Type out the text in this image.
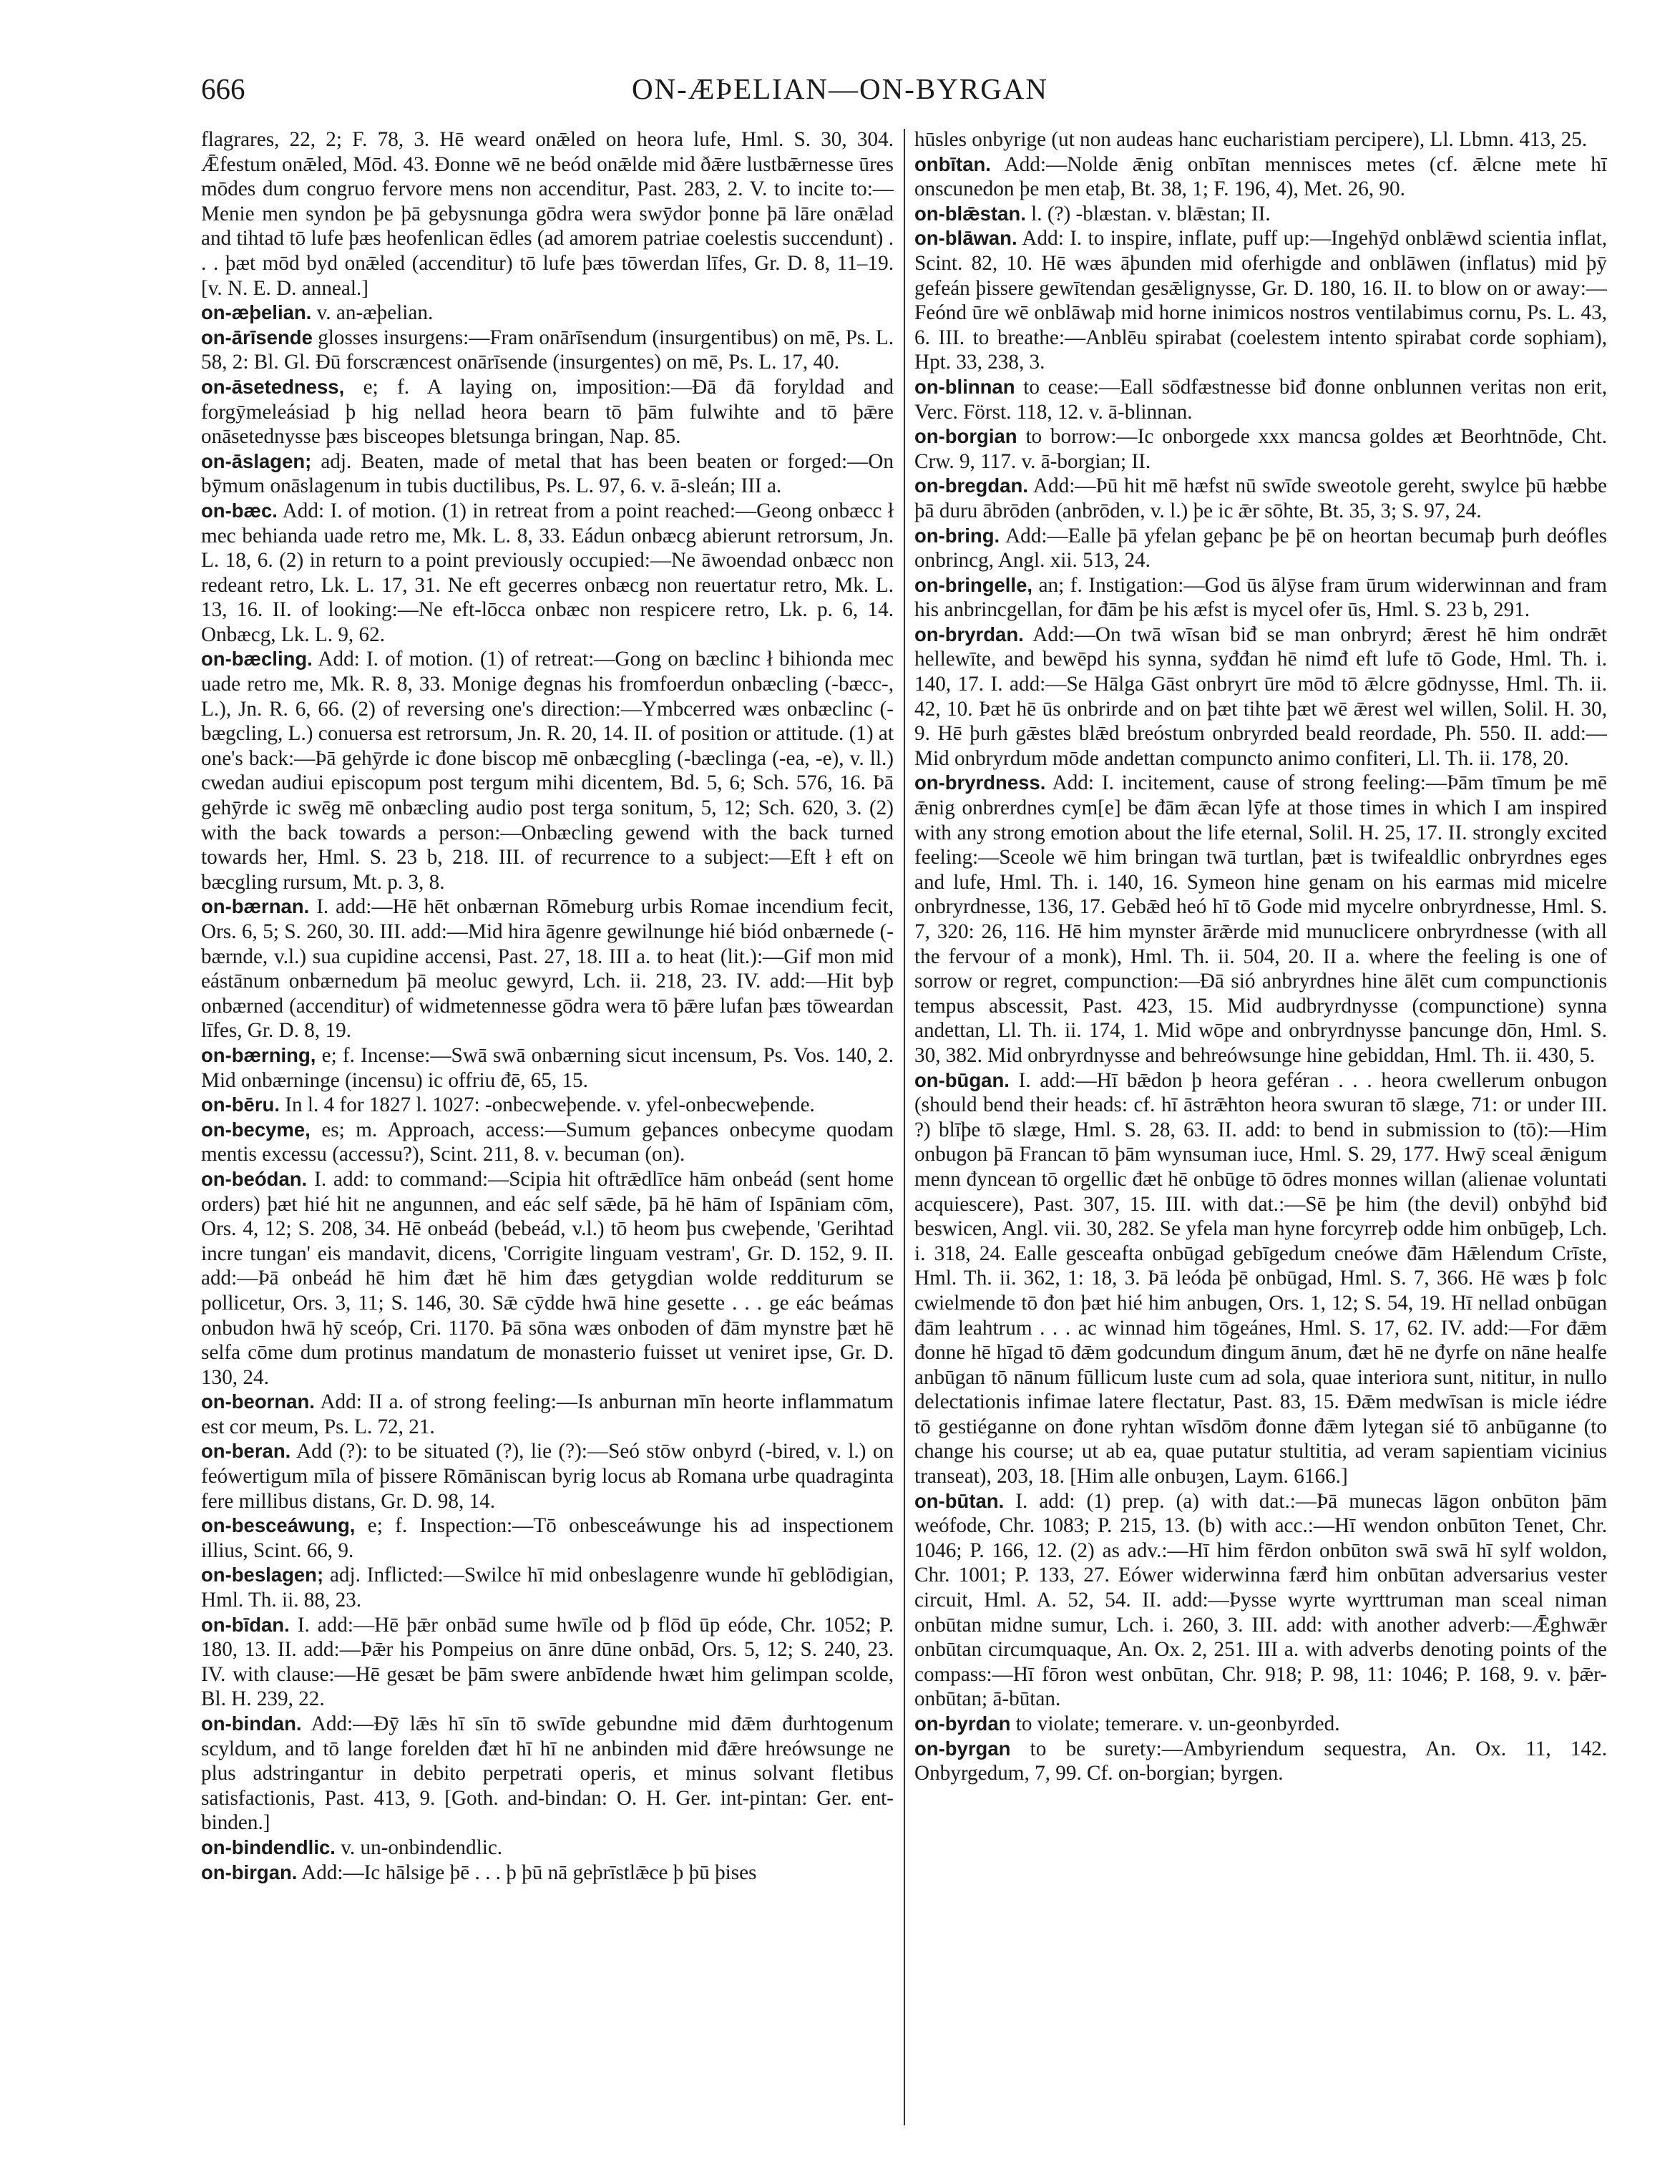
666	ON-ÆÞELIAN—ON-BYRGAN

flagrares, 22, 2; F. 78, 3. Hē weard onǣled on heora lufe, Hml. S. 30, 304. Ǣfestum onǣled, Mōd. 43. Đonne wē ne beód onǣlde mid ðǣre lustbǣrnesse ūres mōdes dum congruo fervore mens non accenditur, Past. 283, 2. V. to incite to:—Menie men syndon þe þā gebysnunga gōdra wera swȳdor þonne þā lāre onǣlad and tihtad tō lufe þæs heofenlican ēdles (ad amorem patriae coelestis succendunt) . . . þæt mōd byd onǣled (accenditur) tō lufe þæs tōwerdan līfes, Gr. D. 8, 11–19. [v. N. E. D. anneal.]

on-æþelian. v. an-æþelian.

on-ārīsende glosses insurgens:—Fram onārīsendum (insurgentibus) on mē, Ps. L. 58, 2: Bl. Gl. Đū forscræncest onārīsende (insurgentes) on mē, Ps. L. 17, 40.

on-āsetedness, e; f. A laying on, imposition:—Đā đā foryldad and forgȳmeleásiad þ hig nellad heora bearn tō þām fulwihte and tō þǣre onāsetednysse þæs bisceopes bletsunga bringan, Nap. 85.

on-āslagen; adj. Beaten, made of metal that has been beaten or forged:—On bȳmum onāslagenum in tubis ductilibus, Ps. L. 97, 6. v. ā-sleán; III a.

on-bæc. Add: I. of motion. (1) in retreat from a point reached:—Geong onbæcc ł mec behianda uade retro me, Mk. L. 8, 33. Eádun onbæcg abierunt retrorsum, Jn. L. 18, 6. (2) in return to a point previously occupied:—Ne āwoendad onbæcc non redeant retro, Lk. L. 17, 31. Ne eft gecerres onbæcg non reuertatur retro, Mk. L. 13, 16. II. of looking:—Ne eft-lōcca onbæc non respicere retro, Lk. p. 6, 14. Onbæcg, Lk. L. 9, 62.

on-bæcling. Add: I. of motion. (1) of retreat:—Gong on bæclinc ł bihionda mec uade retro me, Mk. R. 8, 33. Monige đegnas his fromfoerdun onbæcling (-bæcc-, L.), Jn. R. 6, 66. (2) of reversing one's direction:—Ymbcerred wæs onbæclinc (-bægcling, L.) conuersa est retrorsum, Jn. R. 20, 14. II. of position or attitude. (1) at one's back:—Þā gehȳrde ic đone biscop mē onbæcgling (-bæclinga (-ea, -e), v. ll.) cwedan audiui episcopum post tergum mihi dicentem, Bd. 5, 6; Sch. 576, 16. Þā gehȳrde ic swēg mē onbæcling audio post terga sonitum, 5, 12; Sch. 620, 3. (2) with the back towards a person:—Onbæcling gewend with the back turned towards her, Hml. S. 23 b, 218. III. of recurrence to a subject:—Eft ł eft on bæcgling rursum, Mt. p. 3, 8.

on-bærnan. I. add:—Hē hēt onbærnan Rōmeburg urbis Romae incendium fecit, Ors. 6, 5; S. 260, 30. III. add:—Mid hira āgenre gewilnunge hié biód onbærnede (-bærnde, v.l.) sua cupidine accensi, Past. 27, 18. III a. to heat (lit.):—Gif mon mid eástānum onbærnedum þā meoluc gewyrd, Lch. ii. 218, 23. IV. add:—Hit byþ onbærned (accenditur) of widmetennesse gōdra wera tō þǣre lufan þæs tōweardan līfes, Gr. D. 8, 19.

on-bærning, e; f. Incense:—Swā swā onbærning sicut incensum, Ps. Vos. 140, 2. Mid onbærninge (incensu) ic offriu đē, 65, 15.

on-bēru. In l. 4 for 1827 l. 1027: -onbecweþende. v. yfel-onbecweþende.

on-becyme, es; m. Approach, access:—Sumum geþances onbecyme quodam mentis excessu (accessu?), Scint. 211, 8. v. becuman (on).

on-beódan. I. add: to command:—Scipia hit oftrǣdlīce hām onbeád (sent home orders) þæt hié hit ne angunnen, and eác self sǣde, þā hē hām of Ispāniam cōm, Ors. 4, 12; S. 208, 34. Hē onbeád (bebeád, v.l.) tō heom þus cweþende, 'Gerihtad incre tungan' eis mandavit, dicens, 'Corrigite linguam vestram', Gr. D. 152, 9. II. add:—Þā onbeád hē him đæt hē him đæs getygdian wolde redditurum se pollicetur, Ors. 3, 11; S. 146, 30. Sǣ cȳdde hwā hine gesette . . . ge eác beámas onbudon hwā hȳ sceóp, Cri. 1170. Þā sōna wæs onboden of đām mynstre þæt hē selfa cōme dum protinus mandatum de monasterio fuisset ut veniret ipse, Gr. D. 130, 24.

on-beornan. Add: II a. of strong feeling:—Is anburnan mīn heorte inflammatum est cor meum, Ps. L. 72, 21.

on-beran. Add (?): to be situated (?), lie (?):—Seó stōw onbyrd (-bired, v. l.) on feówertigum mīla of þissere Rōmāniscan byrig locus ab Romana urbe quadraginta fere millibus distans, Gr. D. 98, 14.

on-besceáwung, e; f. Inspection:—Tō onbesceáwunge his ad inspectionem illius, Scint. 66, 9.

on-beslagen; adj. Inflicted:—Swilce hī mid onbeslagenre wunde hī geblōdigian, Hml. Th. ii. 88, 23.

on-bīdan. I. add:—Hē þǣr onbād sume hwīle od þ flōd ūp eóde, Chr. 1052; P. 180, 13. II. add:—Þǣr his Pompeius on ānre dūne onbād, Ors. 5, 12; S. 240, 23. IV. with clause:—Hē gesæt be þām swere anbīdende hwæt him gelimpan scolde, Bl. H. 239, 22.

on-bindan. Add:—Đȳ lǣs hī sīn tō swīde gebundne mid đǣm đurhtogenum scyldum, and tō lange forelden đæt hī hī ne anbinden mid đǣre hreówsunge ne plus adstringantur in debito perpetrati operis, et minus solvant fletibus satisfactionis, Past. 413, 9. [Goth. and-bindan: O. H. Ger. int-pintan: Ger. ent-binden.]

on-bindendlic. v. un-onbindendlic.

on-birgan. Add:—Ic hālsige þē . . . þ þū nā geþrīstlǣce þ þū þises

hūsles onbyrige (ut non audeas hanc eucharistiam percipere), Ll. Lbmn. 413, 25.

onbītan. Add:—Nolde ǣnig onbītan mennisces metes (cf. ǣlcne mete hī onscunedon þe men etaþ, Bt. 38, 1; F. 196, 4), Met. 26, 90.

on-blǣstan. l. (?) -blæstan. v. blǣstan; II.

on-blāwan. Add: I. to inspire, inflate, puff up:—Ingehȳd onblǣwd scientia inflat, Scint. 82, 10. Hē wæs āþunden mid oferhigde and onblāwen (inflatus) mid þȳ gefeán þissere gewītendan gesǣlignysse, Gr. D. 180, 16. II. to blow on or away:—Feónd ūre wē onblāwaþ mid horne inimicos nostros ventilabimus cornu, Ps. L. 43, 6. III. to breathe:—Anblēu spirabat (coelestem intento spirabat corde sophiam), Hpt. 33, 238, 3.

on-blinnan to cease:—Eall sōdfæstnesse biđ đonne onblunnen veritas non erit, Verc. Först. 118, 12. v. ā-blinnan.

on-borgian to borrow:—Ic onborgede xxx mancsa goldes æt Beorhtnōde, Cht. Crw. 9, 117. v. ā-borgian; II.

on-bregdan. Add:—Þū hit mē hæfst nū swīde sweotole gereht, swylce þū hæbbe þā duru ābrōden (anbrōden, v. l.) þe ic ǣr sōhte, Bt. 35, 3; S. 97, 24.

on-bring. Add:—Ealle þā yfelan geþanc þe þē on heortan becumaþ þurh deófles onbrincg, Angl. xii. 513, 24.

on-bringelle, an; f. Instigation:—God ūs ālȳse fram ūrum widerwinnan and fram his anbrincgellan, for đām þe his æfst is mycel ofer ūs, Hml. S. 23 b, 291.

on-bryrdan. Add:—On twā wīsan biđ se man onbryrd; ǣrest hē him ondrǣt hellewīte, and bewēpd his synna, syđđan hē nimđ eft lufe tō Gode, Hml. Th. i. 140, 17. I. add:—Se Hālga Gāst onbryrt ūre mōd tō ǣlcre gōdnysse, Hml. Th. ii. 42, 10. Þæt hē ūs onbrirde and on þæt tihte þæt wē ǣrest wel willen, Solil. H. 30, 9. Hē þurh gǣstes blǣd breóstum onbryrded beald reordade, Ph. 550. II. add:—Mid onbryrdum mōde andettan compuncto animo confiteri, Ll. Th. ii. 178, 20.

on-bryrdness. Add: I. incitement, cause of strong feeling:—Þām tīmum þe mē ǣnig onbrerdnes cym[e] be đām ǣcan lȳfe at those times in which I am inspired with any strong emotion about the life eternal, Solil. H. 25, 17. II. strongly excited feeling:—Sceole wē him bringan twā turtlan, þæt is twifealdlic onbryrdnes eges and lufe, Hml. Th. i. 140, 16. Symeon hine genam on his earmas mid micelre onbryrdnesse, 136, 17. Gebǣd heó hī tō Gode mid mycelre onbryrdnesse, Hml. S. 7, 320: 26, 116. Hē him mynster ārǣrde mid munuclicere onbryrdnesse (with all the fervour of a monk), Hml. Th. ii. 504, 20. II a. where the feeling is one of sorrow or regret, compunction:—Đā sió anbryrdnes hine ālēt cum compunctionis tempus abscessit, Past. 423, 15. Mid audbryrdnysse (compunctione) synna andettan, Ll. Th. ii. 174, 1. Mid wōpe and onbryrdnysse þancunge dōn, Hml. S. 30, 382. Mid onbryrdnysse and behreówsunge hine gebiddan, Hml. Th. ii. 430, 5.

on-būgan. I. add:—Hī bǣdon þ heora geféran . . . heora cwellerum onbugon (should bend their heads: cf. hī āstrǣhton heora swuran tō slæge, 71: or under III. ?) blīþe tō slæge, Hml. S. 28, 63. II. add: to bend in submission to (tō):—Him onbugon þā Francan tō þām wynsuman iuce, Hml. S. 29, 177. Hwȳ sceal ǣnigum menn đyncean tō orgellic đæt hē onbūge tō ōdres monnes willan (alienae voluntati acquiescere), Past. 307, 15. III. with dat.:—Sē þe him (the devil) onbȳhđ biđ beswicen, Angl. vii. 30, 282. Se yfela man hyne forcyrreþ odde him onbūgeþ, Lch. i. 318, 24. Ealle gesceafta onbūgad gebīgedum cneówe đām Hǣlendum Crīste, Hml. Th. ii. 362, 1: 18, 3. Þā leóda þē onbūgad, Hml. S. 7, 366. Hē wæs þ folc cwielmende tō đon þæt hié him anbugen, Ors. 1, 12; S. 54, 19. Hī nellad onbūgan đām leahtrum . . . ac winnad him tōgeánes, Hml. S. 17, 62. IV. add:—For đǣm đonne hē hīgad tō đǣm godcundum đingum ānum, đæt hē ne đyrfe on nāne healfe anbūgan tō nānum fūllicum luste cum ad sola, quae interiora sunt, nititur, in nullo delectationis infimae latere flectatur, Past. 83, 15. Đǣm medwīsan is micle iédre tō gestiéganne on đone ryhtan wīsdōm đonne đǣm lytegan sié tō anbūganne (to change his course; ut ab ea, quae putatur stultitia, ad veram sapientiam vicinius transeat), 203, 18. [Him alle onbuȝen, Laym. 6166.]

on-būtan. I. add: (1) prep. (a) with dat.:—Þā munecas lāgon onbūton þām weófode, Chr. 1083; P. 215, 13. (b) with acc.:—Hī wendon onbūton Tenet, Chr. 1046; P. 166, 12. (2) as adv.:—Hī him fērdon onbūton swā swā hī sylf woldon, Chr. 1001; P. 133, 27. Eówer widerwinna færđ him onbūtan adversarius vester circuit, Hml. A. 52, 54. II. add:—Þysse wyrte wyrttruman man sceal niman onbūtan midne sumur, Lch. i. 260, 3. III. add: with another adverb:—Ǣghwǣr onbūtan circumquaque, An. Ox. 2, 251. III a. with adverbs denoting points of the compass:—Hī fōron west onbūtan, Chr. 918; P. 98, 11: 1046; P. 168, 9. v. þǣr-onbūtan; ā-būtan.

on-byrdan to violate; temerare. v. un-geonbyrded.

on-byrgan to be surety:—Ambyriendum sequestra, An. Ox. 11, 142. Onbyrgedum, 7, 99. Cf. on-borgian; byrgen.
